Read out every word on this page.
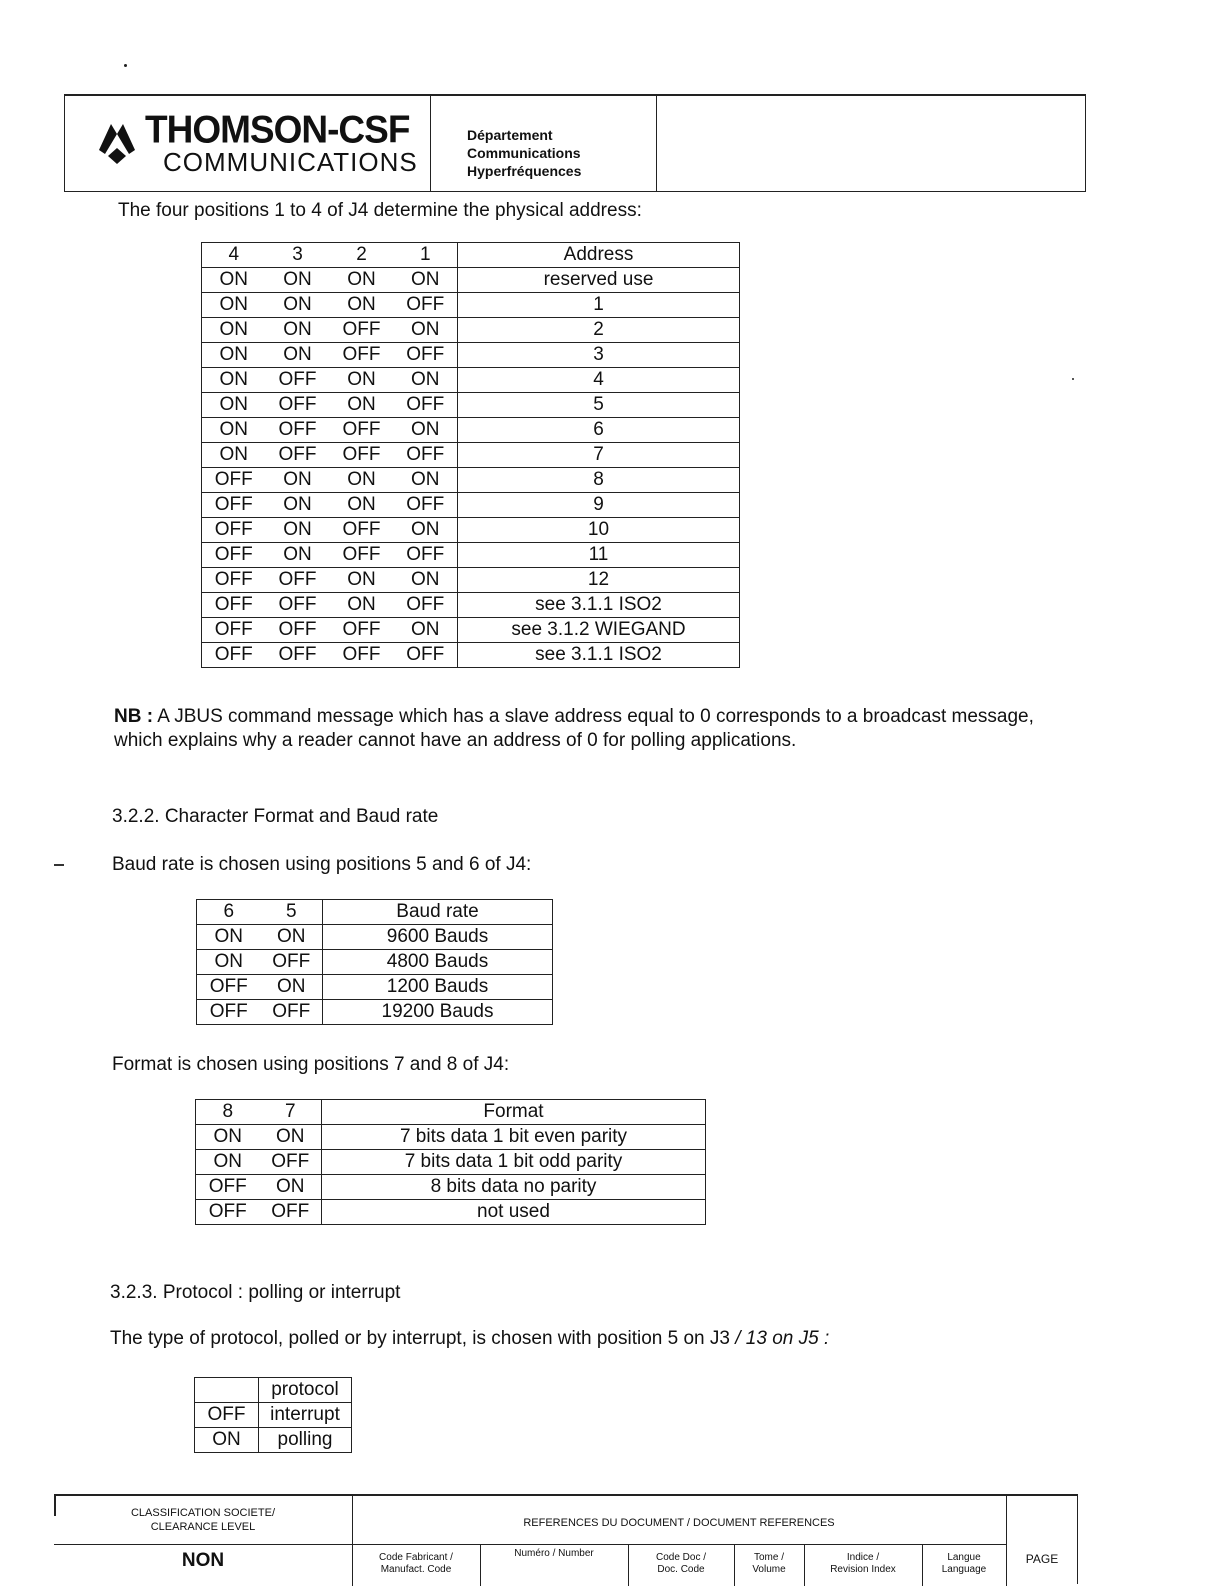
THOMSON-CSF
COMMUNICATIONS
Département
Communications
Hyperfréquences
The four positions 1 to 4 of J4 determine the physical address:
4	3	2	1	Address
ON	ON	ON	ON	reserved use
ON	ON	ON	OFF	1
ON	ON	OFF	ON	2
ON	ON	OFF	OFF	3
ON	OFF	ON	ON	4
ON	OFF	ON	OFF	5
ON	OFF	OFF	ON	6
ON	OFF	OFF	OFF	7
OFF	ON	ON	ON	8
OFF	ON	ON	OFF	9
OFF	ON	OFF	ON	10
OFF	ON	OFF	OFF	11
OFF	OFF	ON	ON	12
OFF	OFF	ON	OFF	see 3.1.1 ISO2
OFF	OFF	OFF	ON	see 3.1.2 WIEGAND
OFF	OFF	OFF	OFF	see 3.1.1 ISO2
NB : A JBUS command message which has a slave address equal to 0 corresponds to a broadcast message,
which explains why a reader cannot have an address of 0 for polling applications.
3.2.2. Character Format and Baud rate
Baud rate is chosen using positions 5 and 6 of J4:
6	5	Baud rate
ON	ON	9600 Bauds
ON	OFF	4800 Bauds
OFF	ON	1200 Bauds
OFF	OFF	19200 Bauds
Format is chosen using positions 7 and 8 of J4:
8	7	Format
ON	ON	7 bits data 1 bit even parity
ON	OFF	7 bits data 1 bit odd parity
OFF	ON	8 bits data no parity
OFF	OFF	not used
3.2.3. Protocol : polling or interrupt
The type of protocol, polled or by interrupt, is chosen with position 5 on J3 / 13 on J5 :
	protocol
OFF	interrupt
ON	polling
CLASSIFICATION SOCIETE/
CLEARANCE LEVEL
NON
REFERENCES DU DOCUMENT / DOCUMENT REFERENCES
Code Fabricant /
Manufact. Code
Numéro / Number	Code Doc /
Doc. Code
Tome /
Volume
Indice /
Revision Index
Langue
Language
PAGE
